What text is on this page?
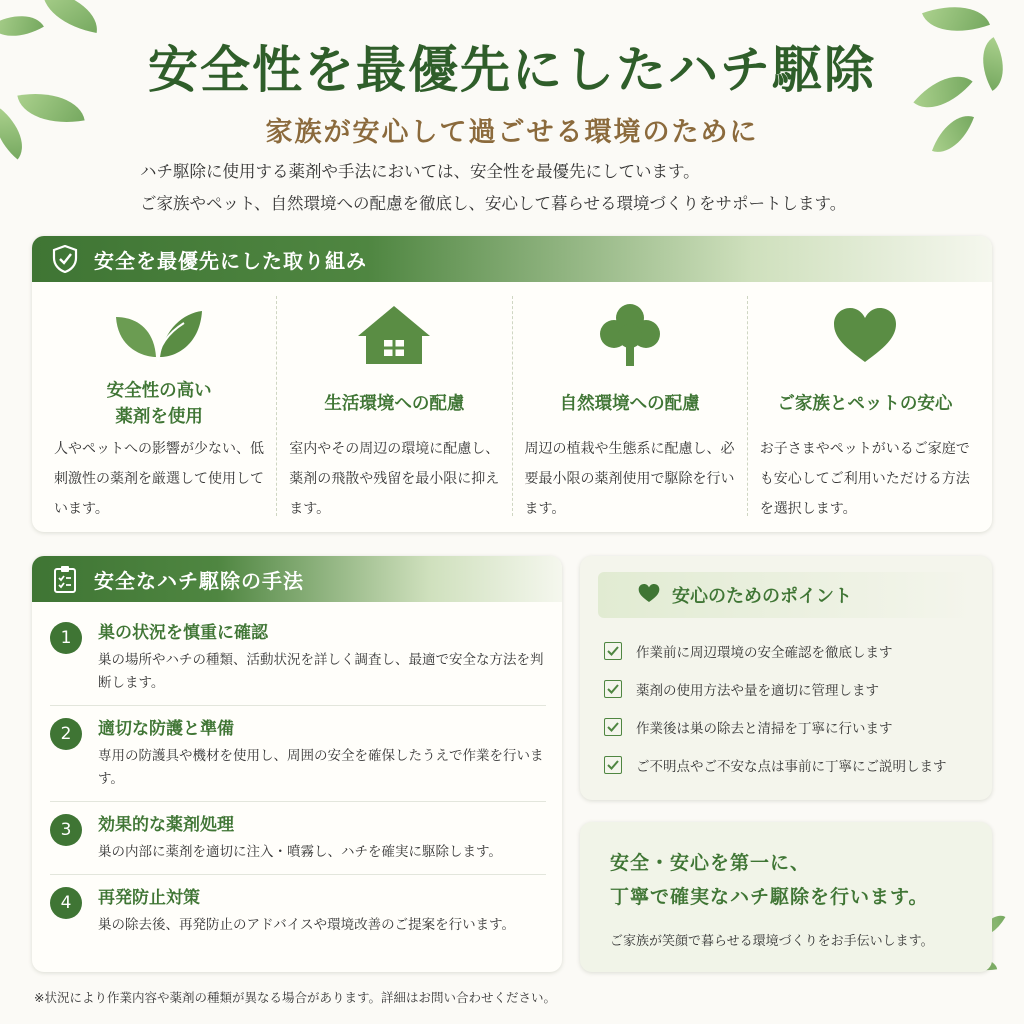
安全性を最優先にしたハチ駆除
家族が安心して過ごせる環境のために
ハチ駆除に使用する薬剤や手法においては、安全性を最優先にしています。
ご家族やペット、自然環境への配慮を徹底し、安心して暮らせる環境づくりをサポートします。
安全を最優先にした取り組み
安全性の高い
薬剤を使用

人やペットへの影響が少ない、低刺激性の薬剤を厳選して使用しています。

生活環境への配慮

室内やその周辺の環境に配慮し、薬剤の飛散や残留を最小限に抑えます。

自然環境への配慮

周辺の植栽や生態系に配慮し、必要最小限の薬剤使用で駆除を行います。

ご家族とペットの安心

お子さまやペットがいるご家庭でも安心してご利用いただける方法を選択します。

安全なハチ駆除の手法
1	巣の状況を慎重に確認

巣の場所やハチの種類、活動状況を詳しく調査し、最適で安全な方法を判断します。

2	適切な防護と準備

専用の防護具や機材を使用し、周囲の安全を確保したうえで作業を行います。

3	効果的な薬剤処理

巣の内部に薬剤を適切に注入・噴霧し、ハチを確実に駆除します。

4	再発防止対策

巣の除去後、再発防止のアドバイスや環境改善のご提案を行います。

安心のためのポイント
作業前に周辺環境の安全確認を徹底します
薬剤の使用方法や量を適切に管理します
作業後は巣の除去と清掃を丁寧に行います
ご不明点やご不安な点は事前に丁寧にご説明します
安全・安心を第一に、
丁寧で確実なハチ駆除を行います。
ご家族が笑顔で暮らせる環境づくりをお手伝いします。
※状況により作業内容や薬剤の種類が異なる場合があります。詳細はお問い合わせください。
